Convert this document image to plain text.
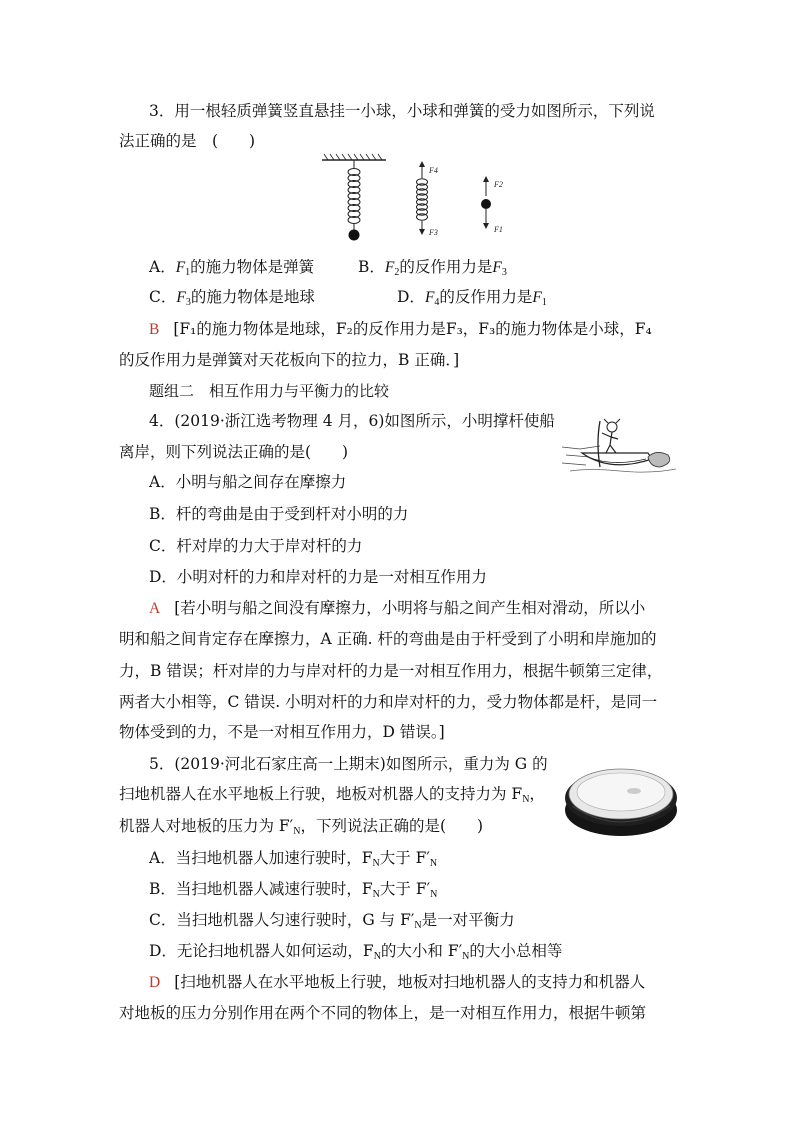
3．用一根轻质弹簧竖直悬挂一小球，小球和弹簧的受力如图所示，下列说
法正确的是　(　　)
F4
F3
F2
F1
A．$F_1$的施力物体是弹簧	B．$F_2$的反作用力是$F_3$
C．$F_3$的施力物体是地球	D．$F_4$的反作用力是$F_1$
B [F₁的施力物体是地球，F₂的反作用力是F₃，F₃的施力物体是小球，F₄
的反作用力是弹簧对天花板向下的拉力，B 正确．]
题组二　相互作用力与平衡力的比较
4．(2019·浙江选考物理 4 月，6)如图所示，小明撑杆使船
离岸，则下列说法正确的是(　　)
A．小明与船之间存在摩擦力
B．杆的弯曲是由于受到杆对小明的力
C．杆对岸的力大于岸对杆的力
D．小明对杆的力和岸对杆的力是一对相互作用力
A [若小明与船之间没有摩擦力，小明将与船之间产生相对滑动，所以小
明和船之间肯定存在摩擦力，A 正确. 杆的弯曲是由于杆受到了小明和岸施加的
力，B 错误；杆对岸的力与岸对杆的力是一对相互作用力，根据牛顿第三定律，
两者大小相等，C 错误. 小明对杆的力和岸对杆的力，受力物体都是杆，是同一
物体受到的力，不是一对相互作用力，D 错误。]
5．(2019·河北石家庄高一上期末)如图所示，重力为 G 的
扫地机器人在水平地板上行驶，地板对机器人的支持力为 $F_N$，
机器人对地板的压力为 $F'_N$，下列说法正确的是(　　)
A．当扫地机器人加速行驶时，$F_N$大于 $F'_N$
B．当扫地机器人减速行驶时，$F_N$大于 $F'_N$
C．当扫地机器人匀速行驶时，G 与 $F'_N$是一对平衡力
D．无论扫地机器人如何运动，$F_N$的大小和 $F'_N$的大小总相等
D [扫地机器人在水平地板上行驶，地板对扫地机器人的支持力和机器人
对地板的压力分别作用在两个不同的物体上，是一对相互作用力，根据牛顿第
